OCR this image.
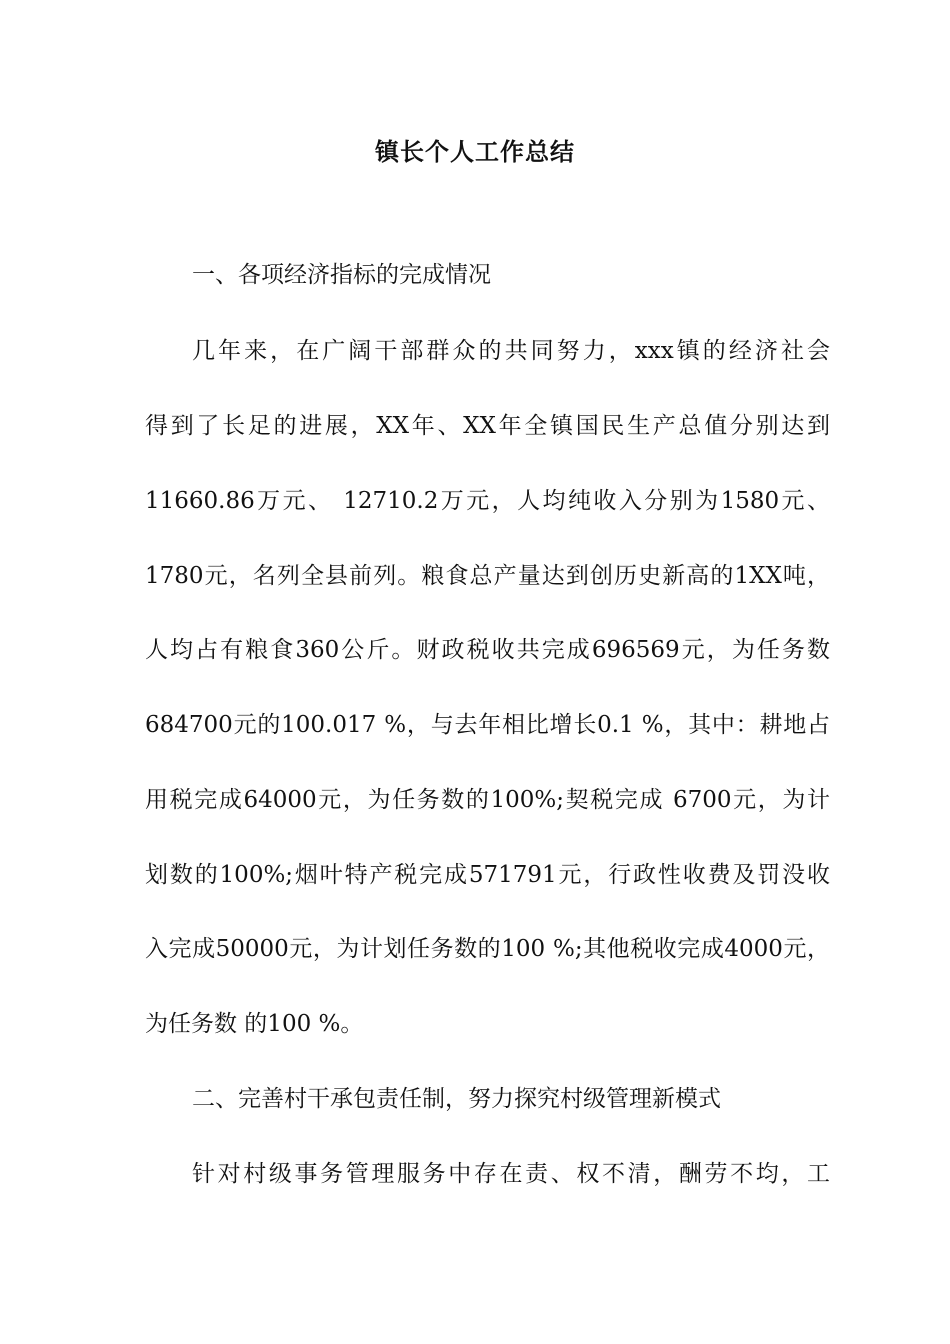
镇长个人工作总结
一、各项经济指标的完成情况
几年来，在广阔干部群众的共同努力，xxx镇的经济社会
得到了长足的进展，XX年、XX年全镇国民生产总值分别达到
11660.86万元、 12710.2万元，人均纯收入分别为1580元、
1780元，名列全县前列。粮食总产量达到创历史新高的1XX吨，
人均占有粮食360公斤。财政税收共完成696569元，为任务数
684700元的100.017 %，与去年相比增长0.1 %，其中：耕地占
用税完成64000元，为任务数的100%;契税完成 6700元，为计
划数的100%;烟叶特产税完成571791元，行政性收费及罚没收
入完成50000元，为计划任务数的100 %;其他税收完成4000元，
为任务数 的100 %。
二、完善村干承包责任制，努力探究村级管理新模式
针对村级事务管理服务中存在责、权不清，酬劳不均，工
